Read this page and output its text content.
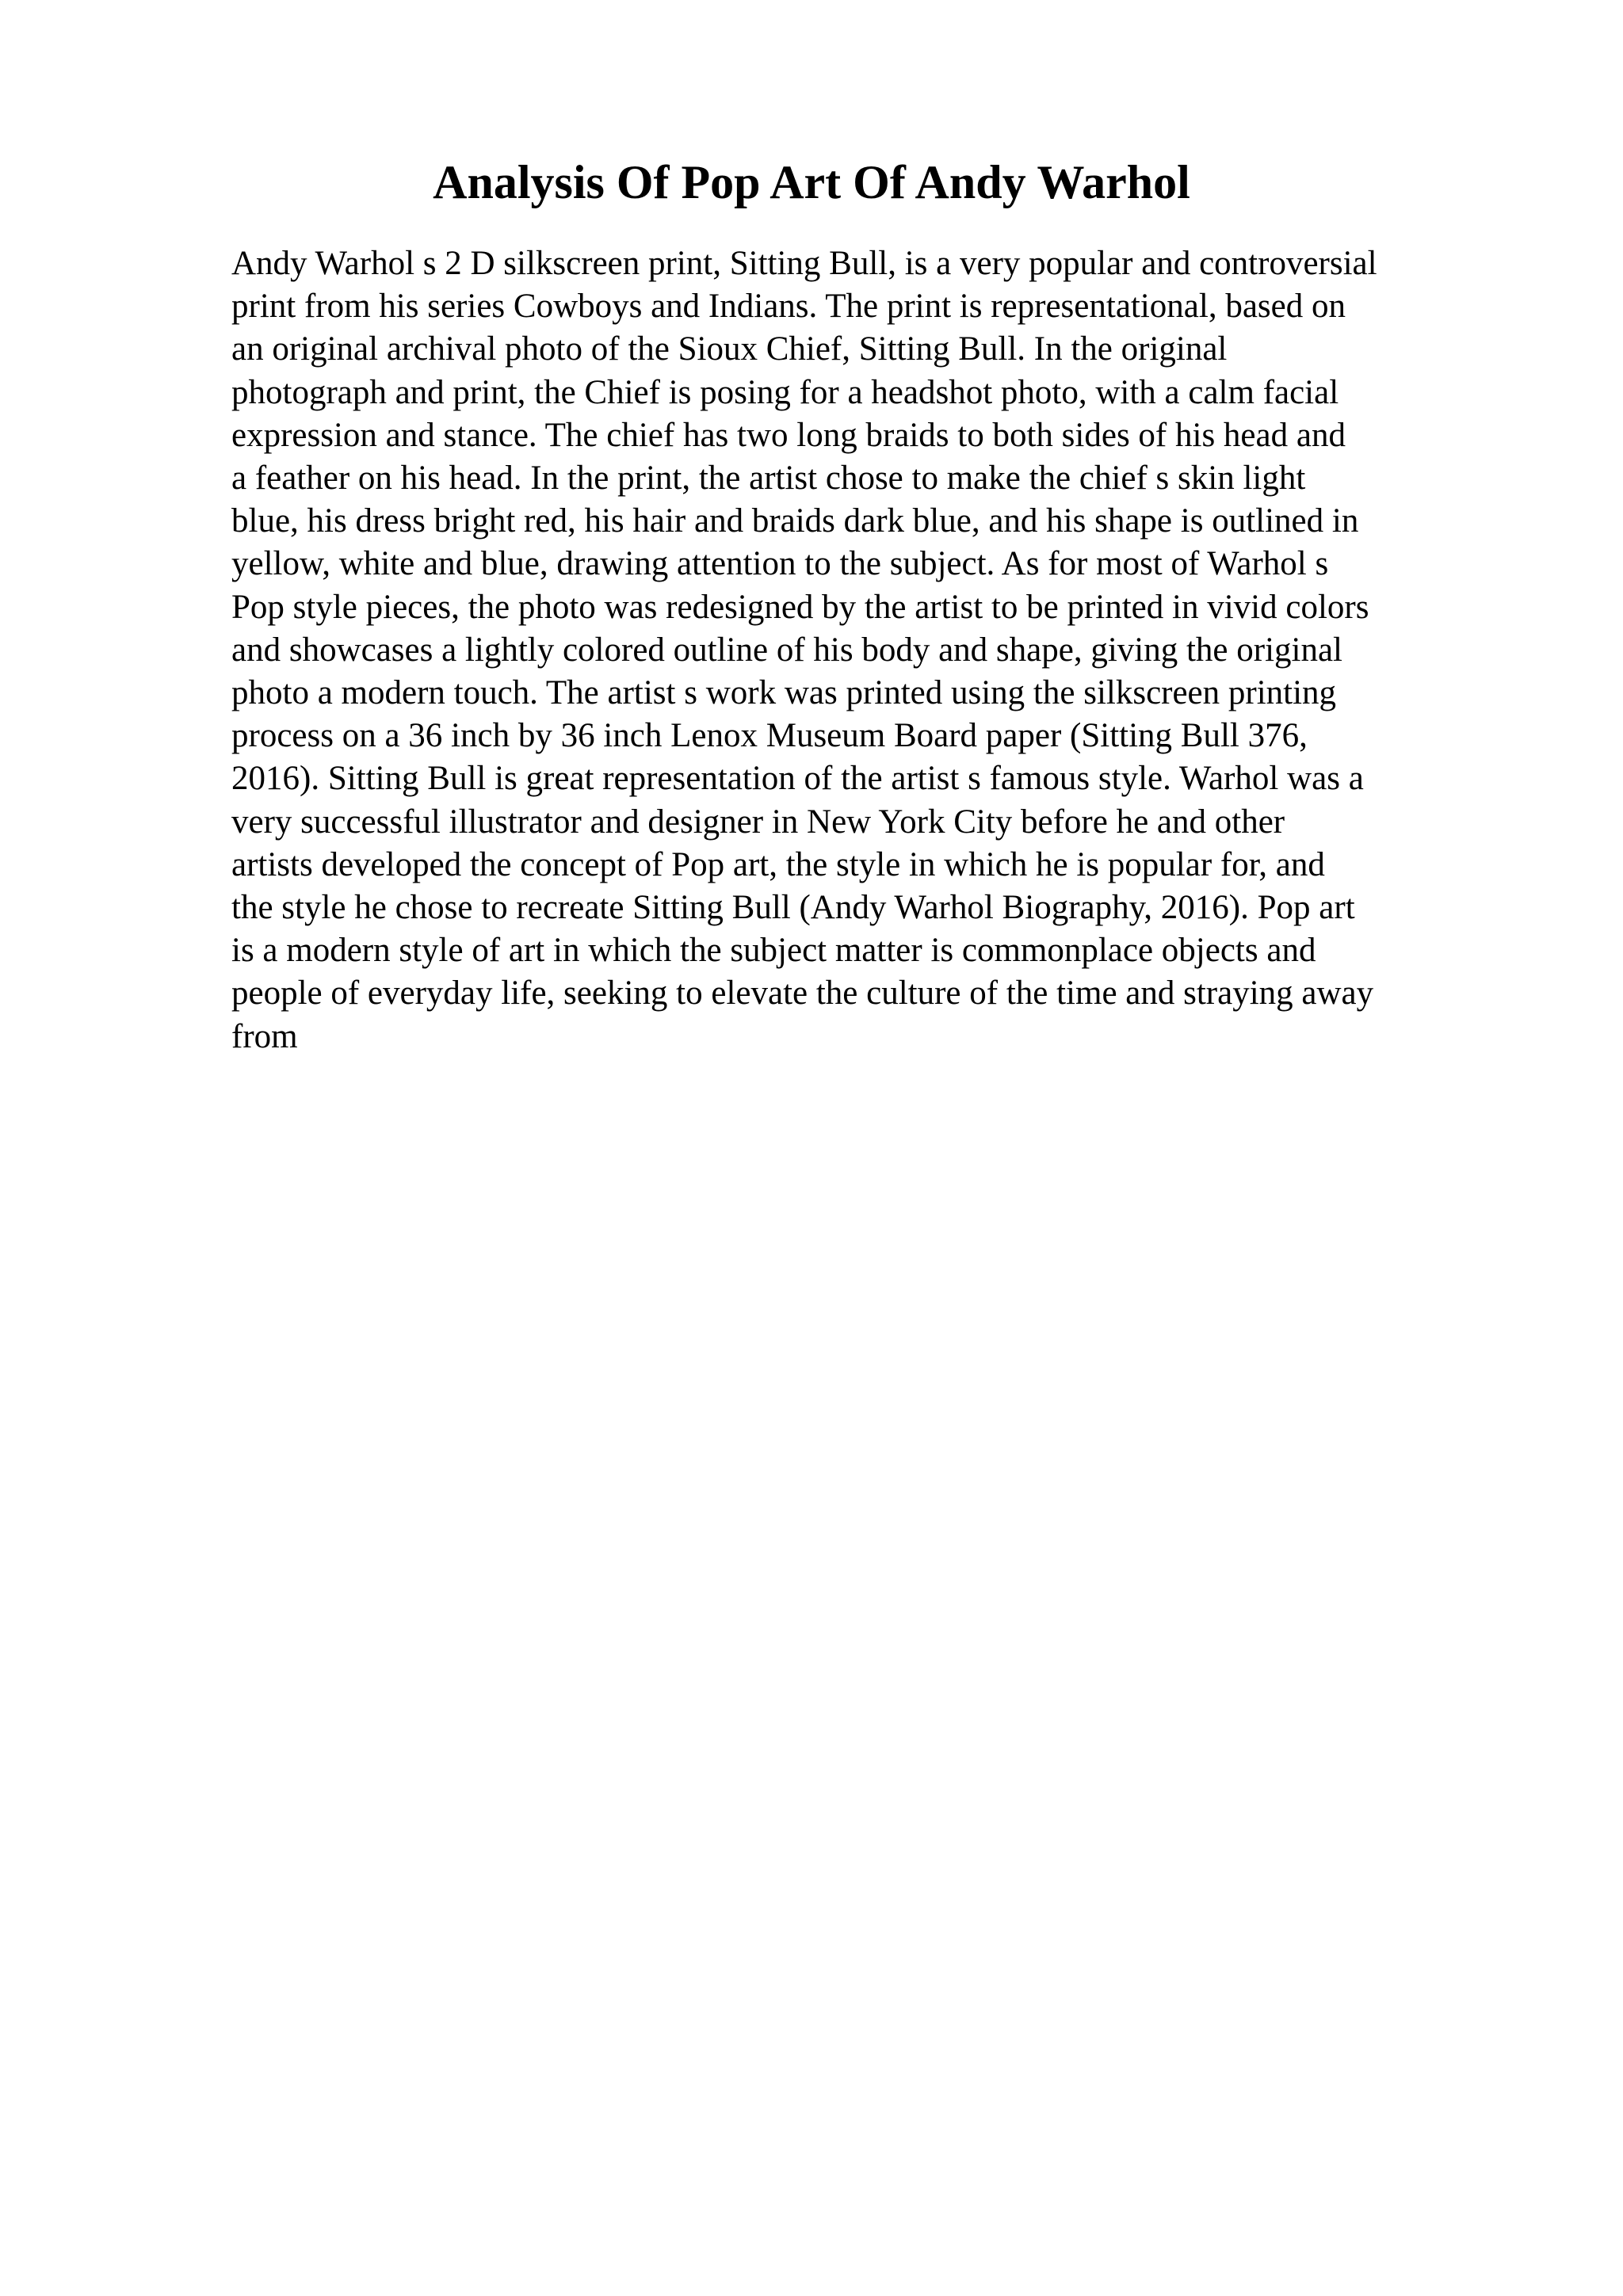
Analysis Of Pop Art Of Andy Warhol
Andy Warhol s 2 D silkscreen print, Sitting Bull, is a very popular and controversial
print from his series Cowboys and Indians. The print is representational, based on
an original archival photo of the Sioux Chief, Sitting Bull. In the original
photograph and print, the Chief is posing for a headshot photo, with a calm facial
expression and stance. The chief has two long braids to both sides of his head and
a feather on his head. In the print, the artist chose to make the chief s skin light
blue, his dress bright red, his hair and braids dark blue, and his shape is outlined in
yellow, white and blue, drawing attention to the subject. As for most of Warhol s
Pop style pieces, the photo was redesigned by the artist to be printed in vivid colors
and showcases a lightly colored outline of his body and shape, giving the original
photo a modern touch. The artist s work was printed using the silkscreen printing
process on a 36 inch by 36 inch Lenox Museum Board paper (Sitting Bull 376,
2016). Sitting Bull is great representation of the artist s famous style. Warhol was a
very successful illustrator and designer in New York City before he and other
artists developed the concept of Pop art, the style in which he is popular for, and
the style he chose to recreate Sitting Bull (Andy Warhol Biography, 2016). Pop art
is a modern style of art in which the subject matter is commonplace objects and
people of everyday life, seeking to elevate the culture of the time and straying away
from
